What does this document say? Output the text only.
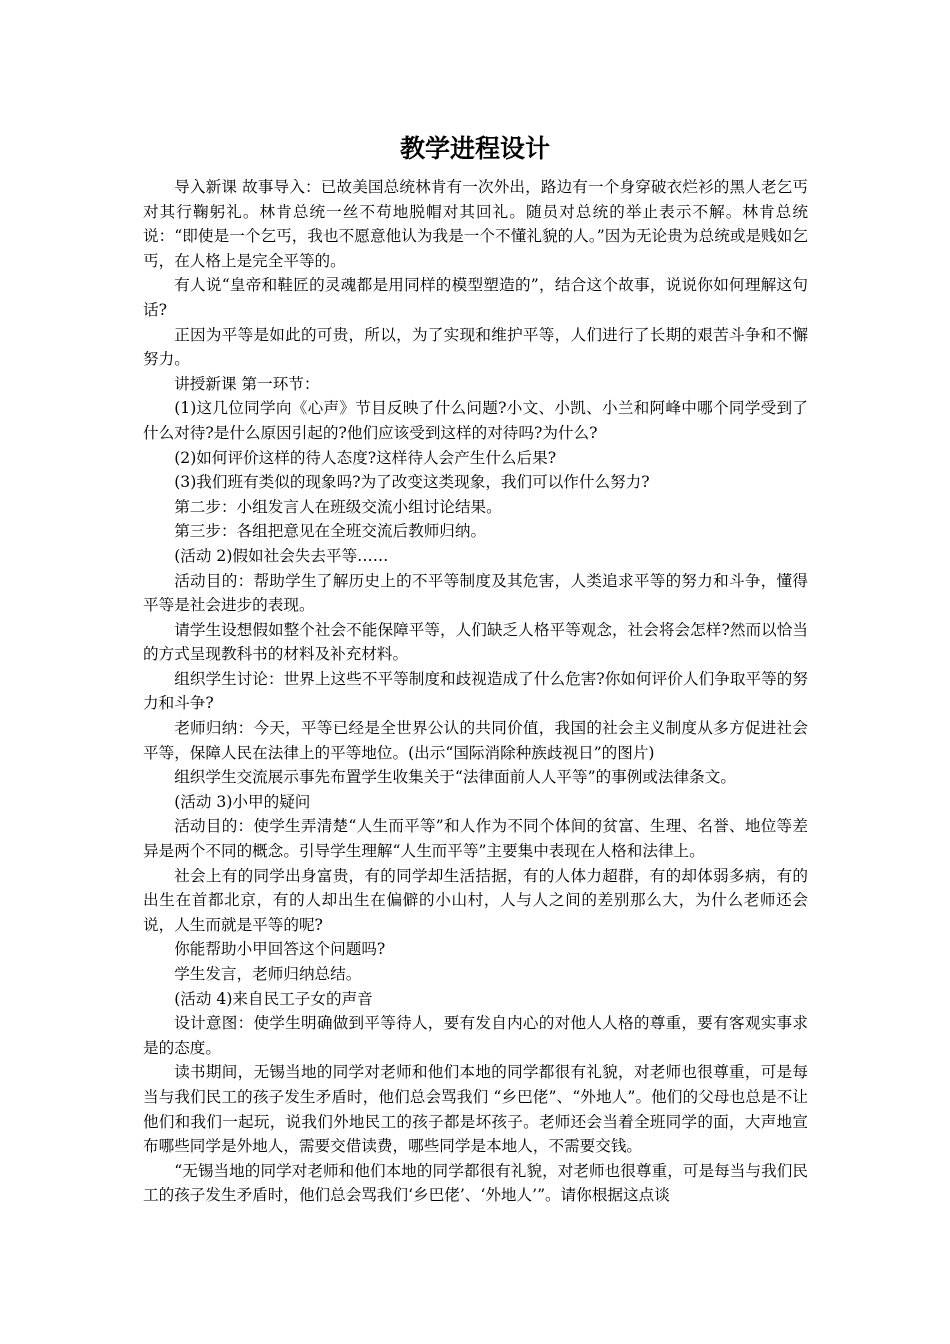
教学进程设计

导入新课 故事导入：已故美国总统林肯有一次外出，路边有一个身穿破衣烂衫的黑人老乞丐对其行鞠躬礼。林肯总统一丝不苟地脱帽对其回礼。随员对总统的举止表示不解。林肯总统说：“即使是一个乞丐，我也不愿意他认为我是一个不懂礼貌的人。”因为无论贵为总统或是贱如乞丐，在人格上是完全平等的。

有人说“皇帝和鞋匠的灵魂都是用同样的模型塑造的”，结合这个故事，说说你如何理解这句话?

正因为平等是如此的可贵，所以，为了实现和维护平等，人们进行了长期的艰苦斗争和不懈努力。

讲授新课 第一环节：

(1)这几位同学向《心声》节目反映了什么问题?小文、小凯、小兰和阿峰中哪个同学受到了什么对待?是什么原因引起的?他们应该受到这样的对待吗?为什么?

(2)如何评价这样的待人态度?这样待人会产生什么后果?

(3)我们班有类似的现象吗?为了改变这类现象，我们可以作什么努力?

第二步：小组发言人在班级交流小组讨论结果。

第三步：各组把意见在全班交流后教师归纳。

(活动 2)假如社会失去平等……

活动目的：帮助学生了解历史上的不平等制度及其危害，人类追求平等的努力和斗争，懂得平等是社会进步的表现。

请学生设想假如整个社会不能保障平等，人们缺乏人格平等观念，社会将会怎样?然而以恰当的方式呈现教科书的材料及补充材料。

组织学生讨论：世界上这些不平等制度和歧视造成了什么危害?你如何评价人们争取平等的努力和斗争?

老师归纳：今天，平等已经是全世界公认的共同价值，我国的社会主义制度从多方促进社会平等，保障人民在法律上的平等地位。(出示“国际消除种族歧视日”的图片)

组织学生交流展示事先布置学生收集关于“法律面前人人平等”的事例或法律条文。

(活动 3)小甲的疑问

活动目的：使学生弄清楚“人生而平等”和人作为不同个体间的贫富、生理、名誉、地位等差异是两个不同的概念。引导学生理解“人生而平等”主要集中表现在人格和法律上。

社会上有的同学出身富贵，有的同学却生活拮据，有的人体力超群，有的却体弱多病，有的出生在首都北京，有的人却出生在偏僻的小山村，人与人之间的差别那么大，为什么老师还会说，人生而就是平等的呢?

你能帮助小甲回答这个问题吗?

学生发言，老师归纳总结。

(活动 4)来自民工子女的声音

设计意图：使学生明确做到平等待人，要有发自内心的对他人人格的尊重，要有客观实事求是的态度。

读书期间，无锡当地的同学对老师和他们本地的同学都很有礼貌，对老师也很尊重，可是每当与我们民工的孩子发生矛盾时，他们总会骂我们 “乡巴佬”、“外地人”。他们的父母也总是不让他们和我们一起玩，说我们外地民工的孩子都是坏孩子。老师还会当着全班同学的面，大声地宣布哪些同学是外地人，需要交借读费，哪些同学是本地人，不需要交钱。

“无锡当地的同学对老师和他们本地的同学都很有礼貌，对老师也很尊重，可是每当与我们民工的孩子发生矛盾时，他们总会骂我们‘乡巴佬’、‘外地人’”。请你根据这点谈
